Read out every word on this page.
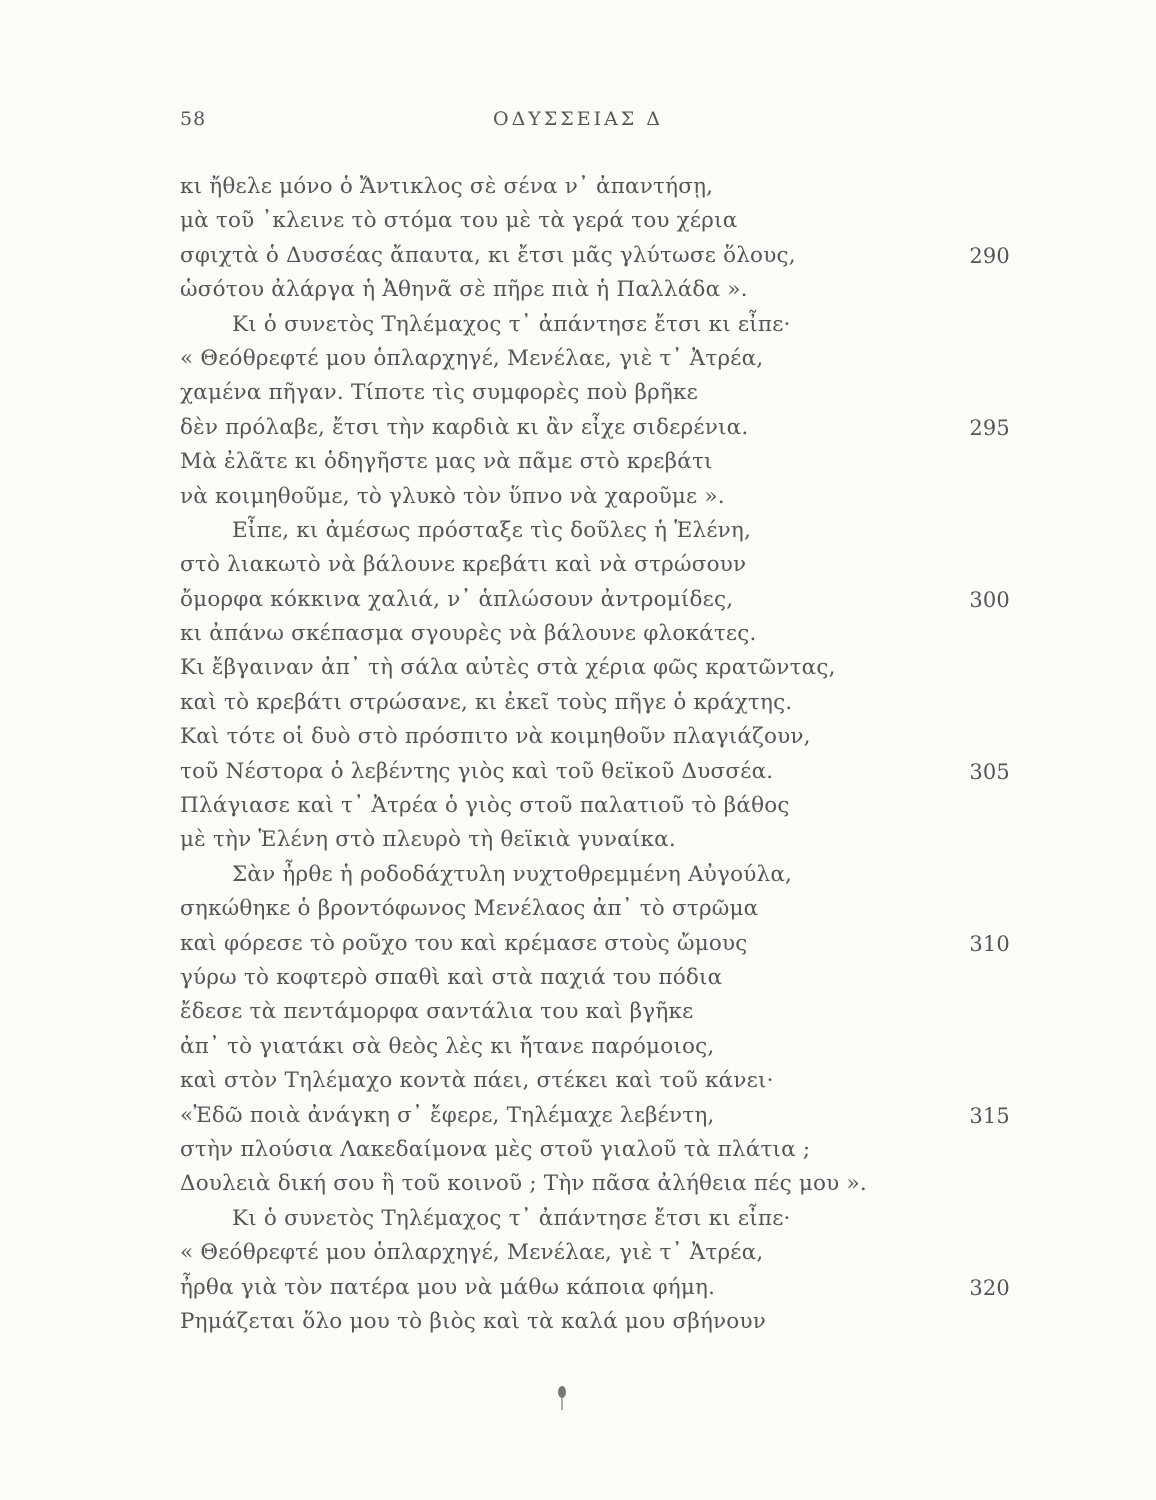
ΟΔΥΣΣΕΙΑΣ Δ
58
κι ἤθελε μόνο ὁ Ἄντικλος σὲ σένα ν᾿ ἀπαντήσῃ,
μὰ τοῦ ᾿κλεινε τὸ στόμα του μὲ τὰ γερά του χέρια
σφιχτὰ ὁ Δυσσέας ἄπαυτα, κι ἔτσι μᾶς γλύτωσε ὅλους,	290
ὡσότου ἀλάργα ἡ Ἀθηνᾶ σὲ πῆρε πιὰ ἡ Παλλάδα ».
Κι ὁ συνετὸς Τηλέμαχος τ᾿ ἀπάντησε ἔτσι κι εἶπε·
« Θεόθρεφτέ μου ὁπλαρχηγέ, Μενέλαε, γιὲ τ᾿ Ἀτρέα,
χαμένα πῆγαν. Τίποτε τὶς συμφορὲς ποὺ βρῆκε
δὲν πρόλαβε, ἔτσι τὴν καρδιὰ κι ἂν εἶχε σιδερένια.	295
Μὰ ἐλᾶτε κι ὁδηγῆστε μας νὰ πᾶμε στὸ κρεβάτι
νὰ κοιμηθοῦμε, τὸ γλυκὸ τὸν ὕπνο νὰ χαροῦμε ».
Εἶπε, κι ἀμέσως πρόσταξε τὶς δοῦλες ἡ Ἑλένη,
στὸ λιακωτὸ νὰ βάλουνε κρεβάτι καὶ νὰ στρώσουν
ὄμορφα κόκκινα χαλιά, ν᾿ ἁπλώσουν ἀντρομίδες,	300
κι ἀπάνω σκέπασμα σγουρὲς νὰ βάλουνε φλοκάτες.
Κι ἔβγαιναν ἀπ᾿ τὴ σάλα αὐτὲς στὰ χέρια φῶς κρατῶντας,
καὶ τὸ κρεβάτι στρώσανε, κι ἐκεῖ τοὺς πῆγε ὁ κράχτης.
Καὶ τότε οἱ δυὸ στὸ πρόσπιτο νὰ κοιμηθοῦν πλαγιάζουν,
τοῦ Νέστορα ὁ λεβέντης γιὸς καὶ τοῦ θεϊκοῦ Δυσσέα.	305
Πλάγιασε καὶ τ᾿ Ἀτρέα ὁ γιὸς στοῦ παλατιοῦ τὸ βάθος
μὲ τὴν Ἑλένη στὸ πλευρὸ τὴ θεϊκιὰ γυναίκα.
Σὰν ἦρθε ἡ ροδοδάχτυλη νυχτοθρεμμένη Αὐγούλα,
σηκώθηκε ὁ βροντόφωνος Μενέλαος ἀπ᾿ τὸ στρῶμα
καὶ φόρεσε τὸ ροῦχο του καὶ κρέμασε στοὺς ὤμους	310
γύρω τὸ κοφτερὸ σπαθὶ καὶ στὰ παχιά του πόδια
ἔδεσε τὰ πεντάμορφα σαντάλια του καὶ βγῆκε
ἀπ᾿ τὸ γιατάκι σὰ θεὸς λὲς κι ἤτανε παρόμοιος,
καὶ στὸν Τηλέμαχο κοντὰ πάει, στέκει καὶ τοῦ κάνει·
«Ἐδῶ ποιὰ ἀνάγκη σ᾿ ἔφερε, Τηλέμαχε λεβέντη,	315
στὴν πλούσια Λακεδαίμονα μὲς στοῦ γιαλοῦ τὰ πλάτια ;
Δουλειὰ δική σου ἢ τοῦ κοινοῦ ; Τὴν πᾶσα ἀλήθεια πές μου ».
Κι ὁ συνετὸς Τηλέμαχος τ᾿ ἀπάντησε ἔτσι κι εἶπε·
« Θεόθρεφτέ μου ὁπλαρχηγέ, Μενέλαε, γιὲ τ᾿ Ἀτρέα,
ἦρθα γιὰ τὸν πατέρα μου νὰ μάθω κάποια φήμη.	320
Ρημάζεται ὅλο μου τὸ βιὸς καὶ τὰ καλά μου σβήνουν
